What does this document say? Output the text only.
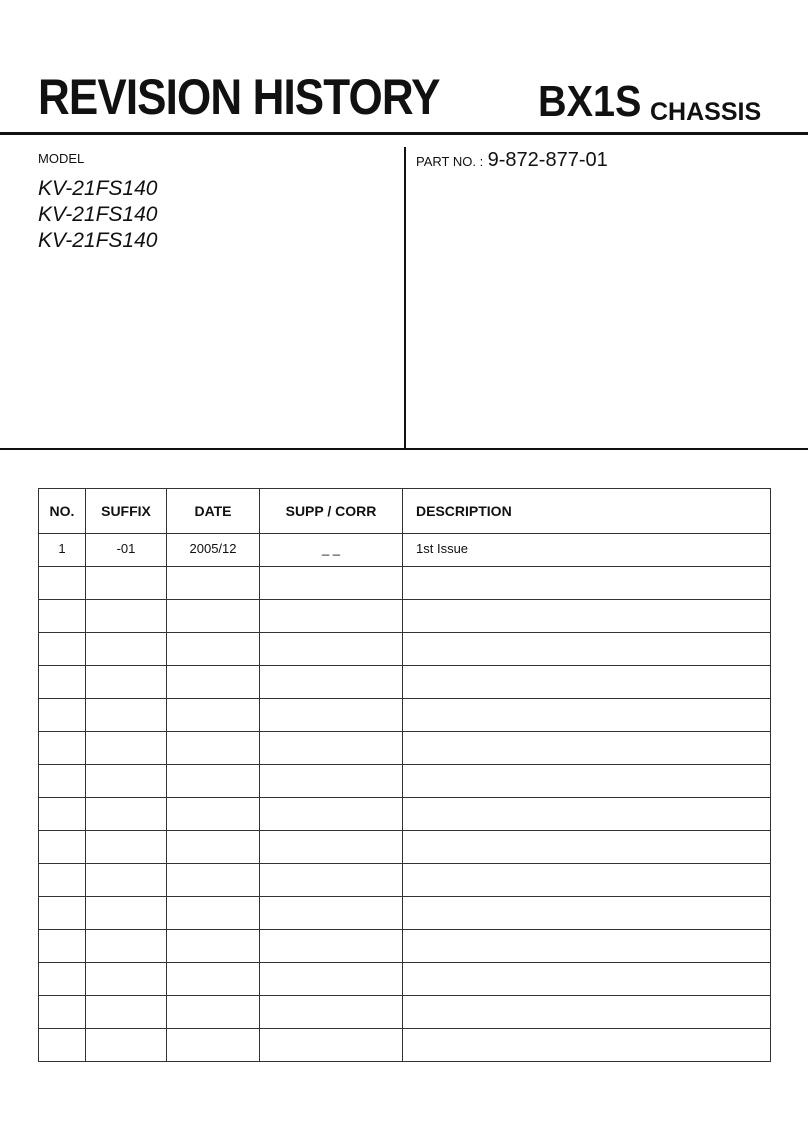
REVISION HISTORY BX1S CHASSIS
MODEL
KV-21FS140
KV-21FS140
KV-21FS140
PART NO. : 9-872-877-01
NO.	SUFFIX	DATE	SUPP / CORR	DESCRIPTION
1	-01	2005/12	_ _	1st Issue
